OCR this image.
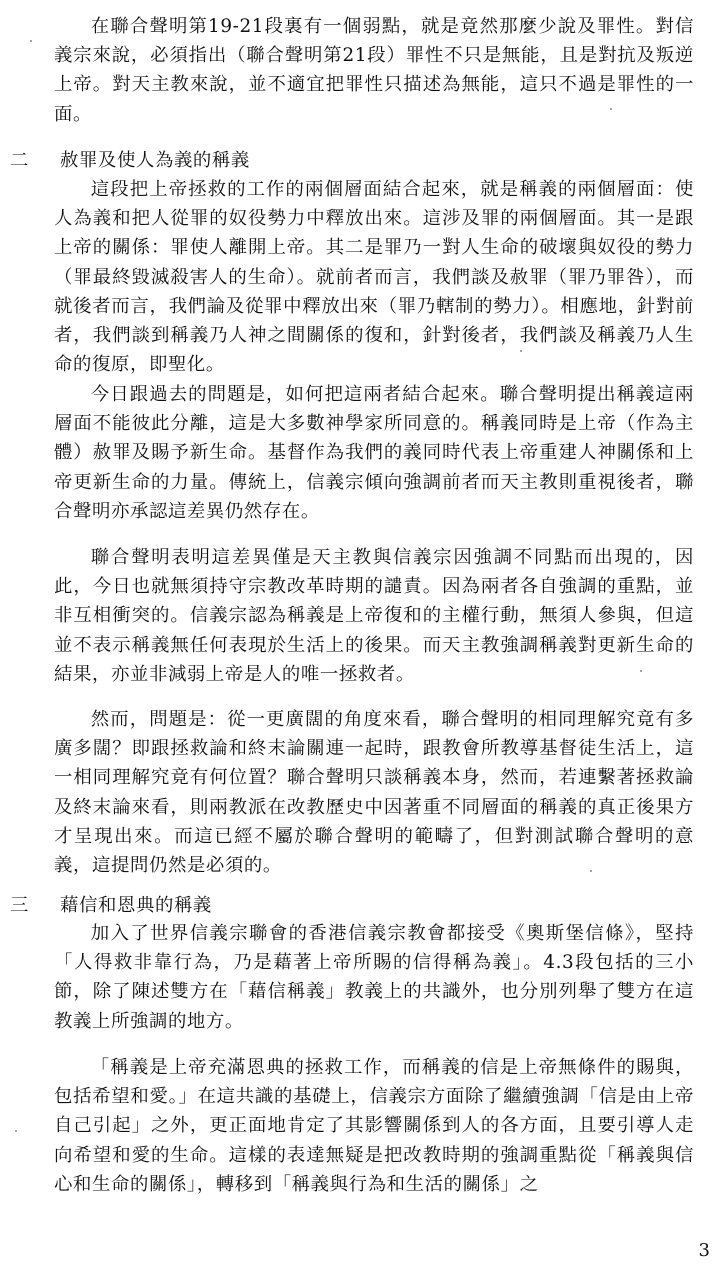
在聯合聲明第19-21段裏有一個弱點，就是竟然那麼少說及罪性。對信義宗來說，必須指出（聯合聲明第21段）罪性不只是無能，且是對抗及叛逆上帝。對天主教來說，並不適宜把罪性只描述為無能，這只不過是罪性的一面。

二 赦罪及使人為義的稱義

這段把上帝拯救的工作的兩個層面結合起來，就是稱義的兩個層面：使人為義和把人從罪的奴役勢力中釋放出來。這涉及罪的兩個層面。其一是跟上帝的關係：罪使人離開上帝。其二是罪乃一對人生命的破壞與奴役的勢力（罪最終毀滅殺害人的生命）。就前者而言，我們談及赦罪（罪乃罪咎），而就後者而言，我們論及從罪中釋放出來（罪乃轄制的勢力）。相應地，針對前者，我們談到稱義乃人神之間關係的復和，針對後者，我們談及稱義乃人生命的復原，即聖化。

今日跟過去的問題是，如何把這兩者結合起來。聯合聲明提出稱義這兩層面不能彼此分離，這是大多數神學家所同意的。稱義同時是上帝（作為主體）赦罪及賜予新生命。基督作為我們的義同時代表上帝重建人神關係和上帝更新生命的力量。傳統上，信義宗傾向強調前者而天主教則重視後者，聯合聲明亦承認這差異仍然存在。

聯合聲明表明這差異僅是天主教與信義宗因強調不同點而出現的，因此，今日也就無須持守宗教改革時期的譴責。因為兩者各自強調的重點，並非互相衝突的。信義宗認為稱義是上帝復和的主權行動，無須人參與，但這並不表示稱義無任何表現於生活上的後果。而天主教強調稱義對更新生命的結果，亦並非減弱上帝是人的唯一拯救者。

然而，問題是：從一更廣闊的角度來看，聯合聲明的相同理解究竟有多廣多闊？即跟拯救論和終末論關連一起時，跟教會所教導基督徒生活上，這一相同理解究竟有何位置？聯合聲明只談稱義本身，然而，若連繫著拯救論及終末論來看，則兩教派在改教歷史中因著重不同層面的稱義的真正後果方才呈現出來。而這已經不屬於聯合聲明的範疇了，但對測試聯合聲明的意義，這提問仍然是必須的。

三 藉信和恩典的稱義

加入了世界信義宗聯會的香港信義宗教會都接受《奧斯堡信條》，堅持「人得救非靠行為，乃是藉著上帝所賜的信得稱為義」。4.3段包括的三小節，除了陳述雙方在「藉信稱義」教義上的共識外，也分別列舉了雙方在這教義上所強調的地方。

「稱義是上帝充滿恩典的拯救工作，而稱義的信是上帝無條件的賜與，包括希望和愛。」在這共識的基礎上，信義宗方面除了繼續強調「信是由上帝自己引起」之外，更正面地肯定了其影響關係到人的各方面，且要引導人走向希望和愛的生命。這樣的表達無疑是把改教時期的強調重點從「稱義與信心和生命的關係」，轉移到「稱義與行為和生活的關係」之

3
